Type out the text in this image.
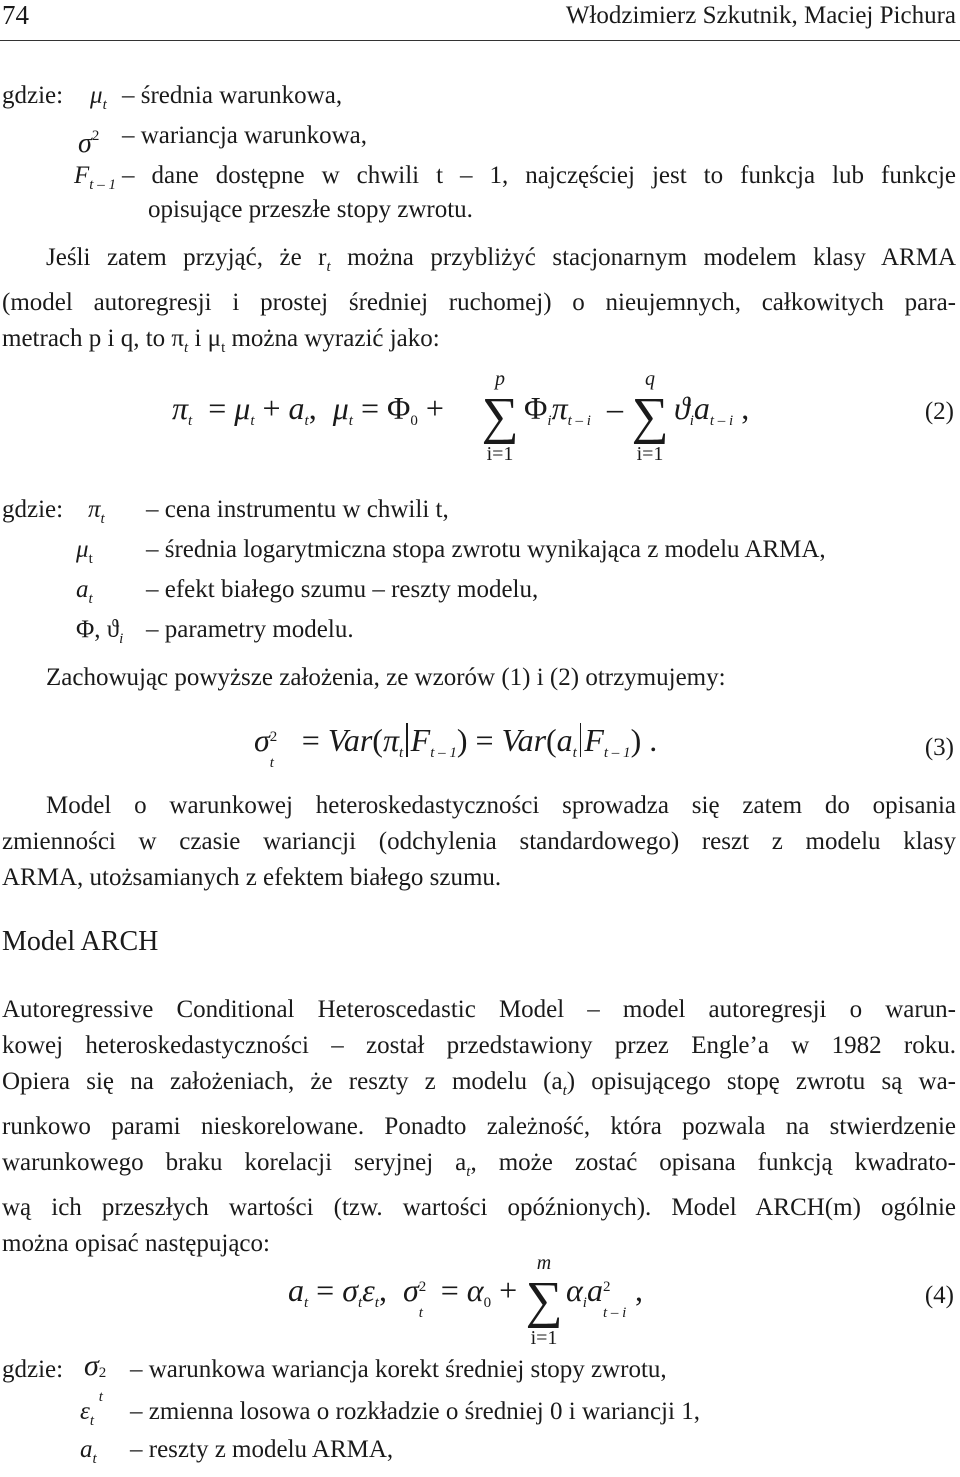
74	Włodzimierz Szkutnik, Maciej Pichura
gdzie: $\mu_t$ – średnia warunkowa,
$\sigma^2$ – wariancja warunkowa,
$F_{t - 1}$ – dane dostępne w chwili t – 1, najczęściej jest to funkcja lub funkcje
opisujące przeszłe stopy zwrotu.
Jeśli zatem przyjąć, że $r_t$ można przybliżyć stacjonarnym modelem klasy ARMA
(model autoregresji i prostej średniej ruchomej) o nieujemnych, całkowitych para-
metrach p i q, to $\pi_t$ i $\mu_t$ można wyrazić jako:
$\pi_t = \mu_t + a_t$,  $\mu_t = \Phi_0$ +
p
∑
i=1
$\Phi_i\pi_{t - i}$  –
q
∑
i=1
$ϑ_ia_{t - i}$ ,	(2)
gdzie: $\pi_t$ – cena instrumentu w chwili t,
$\mu_t$ – średnia logarytmiczna stopa zwrotu wynikająca z modelu ARMA,
$a_t$ – efekt białego szumu – reszty modelu,
Φ, $ϑ_i$ – parametry modelu.
Zachowując powyższe założenia, ze wzorów (1) i (2) otrzymujemy:
σ 2
t
= $Var(\pi_t$ $F_{t - 1}) = Var(a_t$ $F_{t - 1}$) .	(3)
Model o warunkowej heteroskedastyczności sprowadza się zatem do opisania
zmienności w czasie wariancji (odchylenia standardowego) reszt z modelu klasy
ARMA, utożsamianych z efektem białego szumu.
Model ARCH
Autoregressive Conditional Heteroscedastic Model – model autoregresji o warun-
kowej heteroskedastyczności – został przedstawiony przez Engle’a w 1982 roku.
Opiera się na założeniach, że reszty z modelu $(a_t)$ opisującego stopę zwrotu są wa-
runkowo parami nieskorelowane. Ponadto zależność, która pozwala na stwierdzenie
warunkowego braku korelacji seryjnej $a_t$, może zostać opisana funkcją kwadrato-
wą ich przeszłych wartości (tzw. wartości opóźnionych). Model ARCH(m) ogólnie
można opisać następująco:
$a_t = \sigma_t\varepsilon_t$,  σ 2
t
= $\alpha_0$ +
m
∑
i=1
$\alpha_ia$ 2
t – i
,	(4)
gdzie: σ 2
t
– warunkowa wariancja korekt średniej stopy zwrotu,
$\varepsilon_t$ – zmienna losowa o rozkładzie o średniej 0 i wariancji 1,
$a_t$ – reszty z modelu ARMA,
